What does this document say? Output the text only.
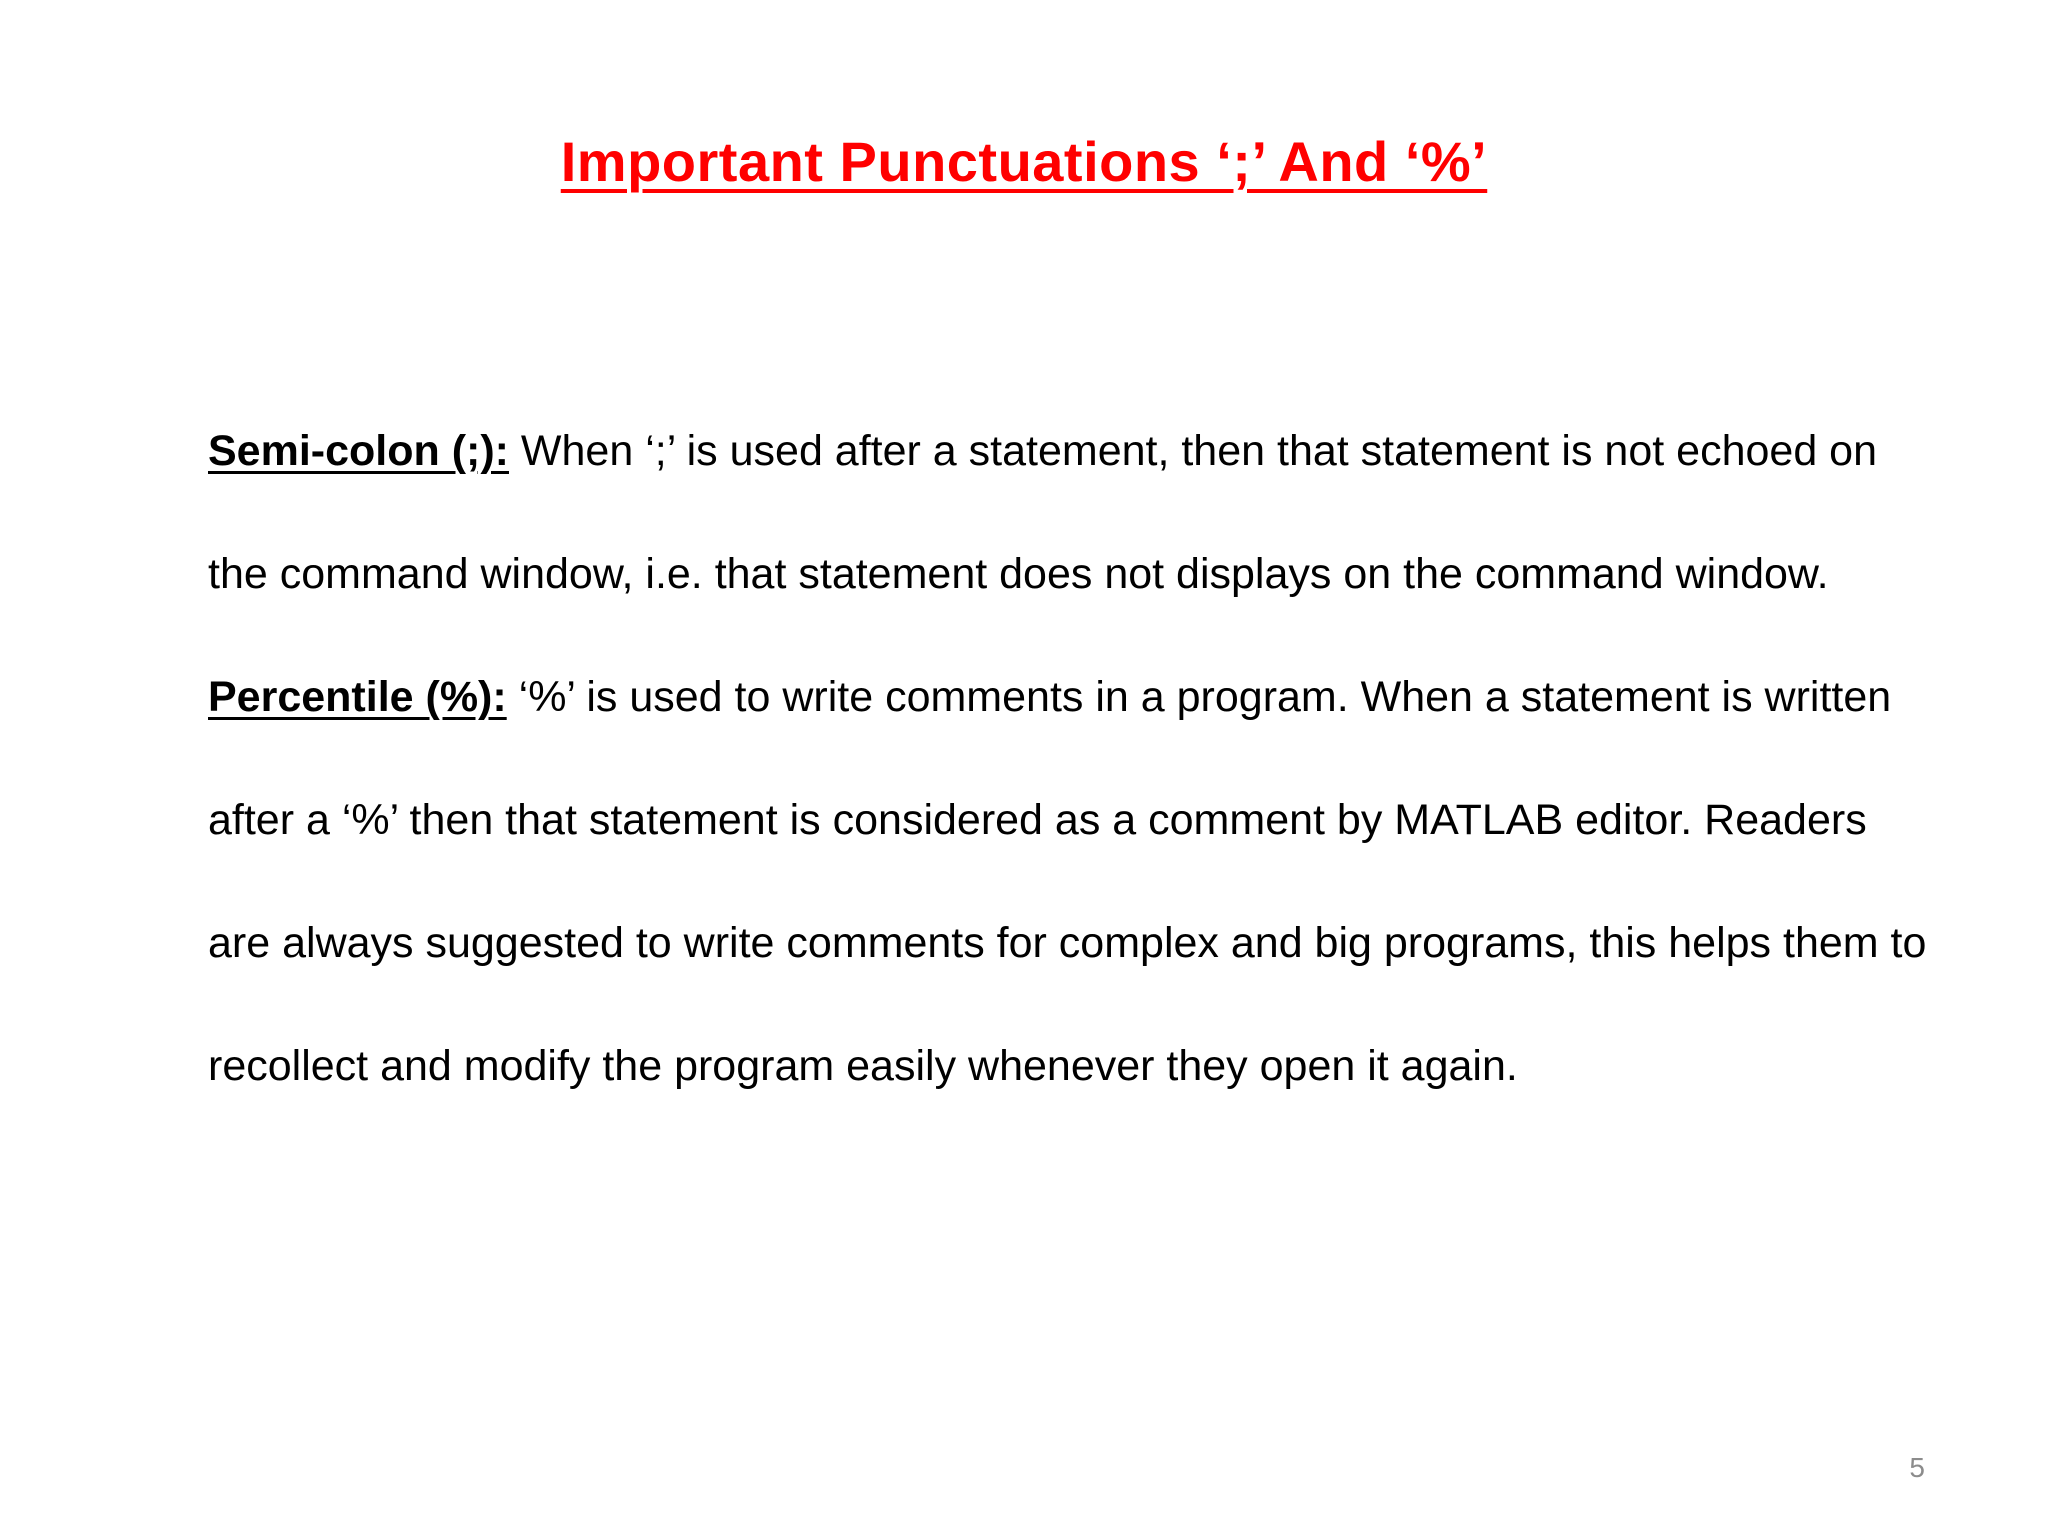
Important Punctuations ‘;’ And ‘%’

Semi-colon (;): When ‘;’ is used after a statement, then that statement is not echoed on the command window, i.e. that statement does not displays on the command window.

Percentile (%): ‘%’ is used to write comments in a program. When a statement is written after a ‘%’ then that statement is considered as a comment by MATLAB editor. Readers are always suggested to write comments for complex and big programs, this helps them to recollect and modify the program easily whenever they open it again.

5
